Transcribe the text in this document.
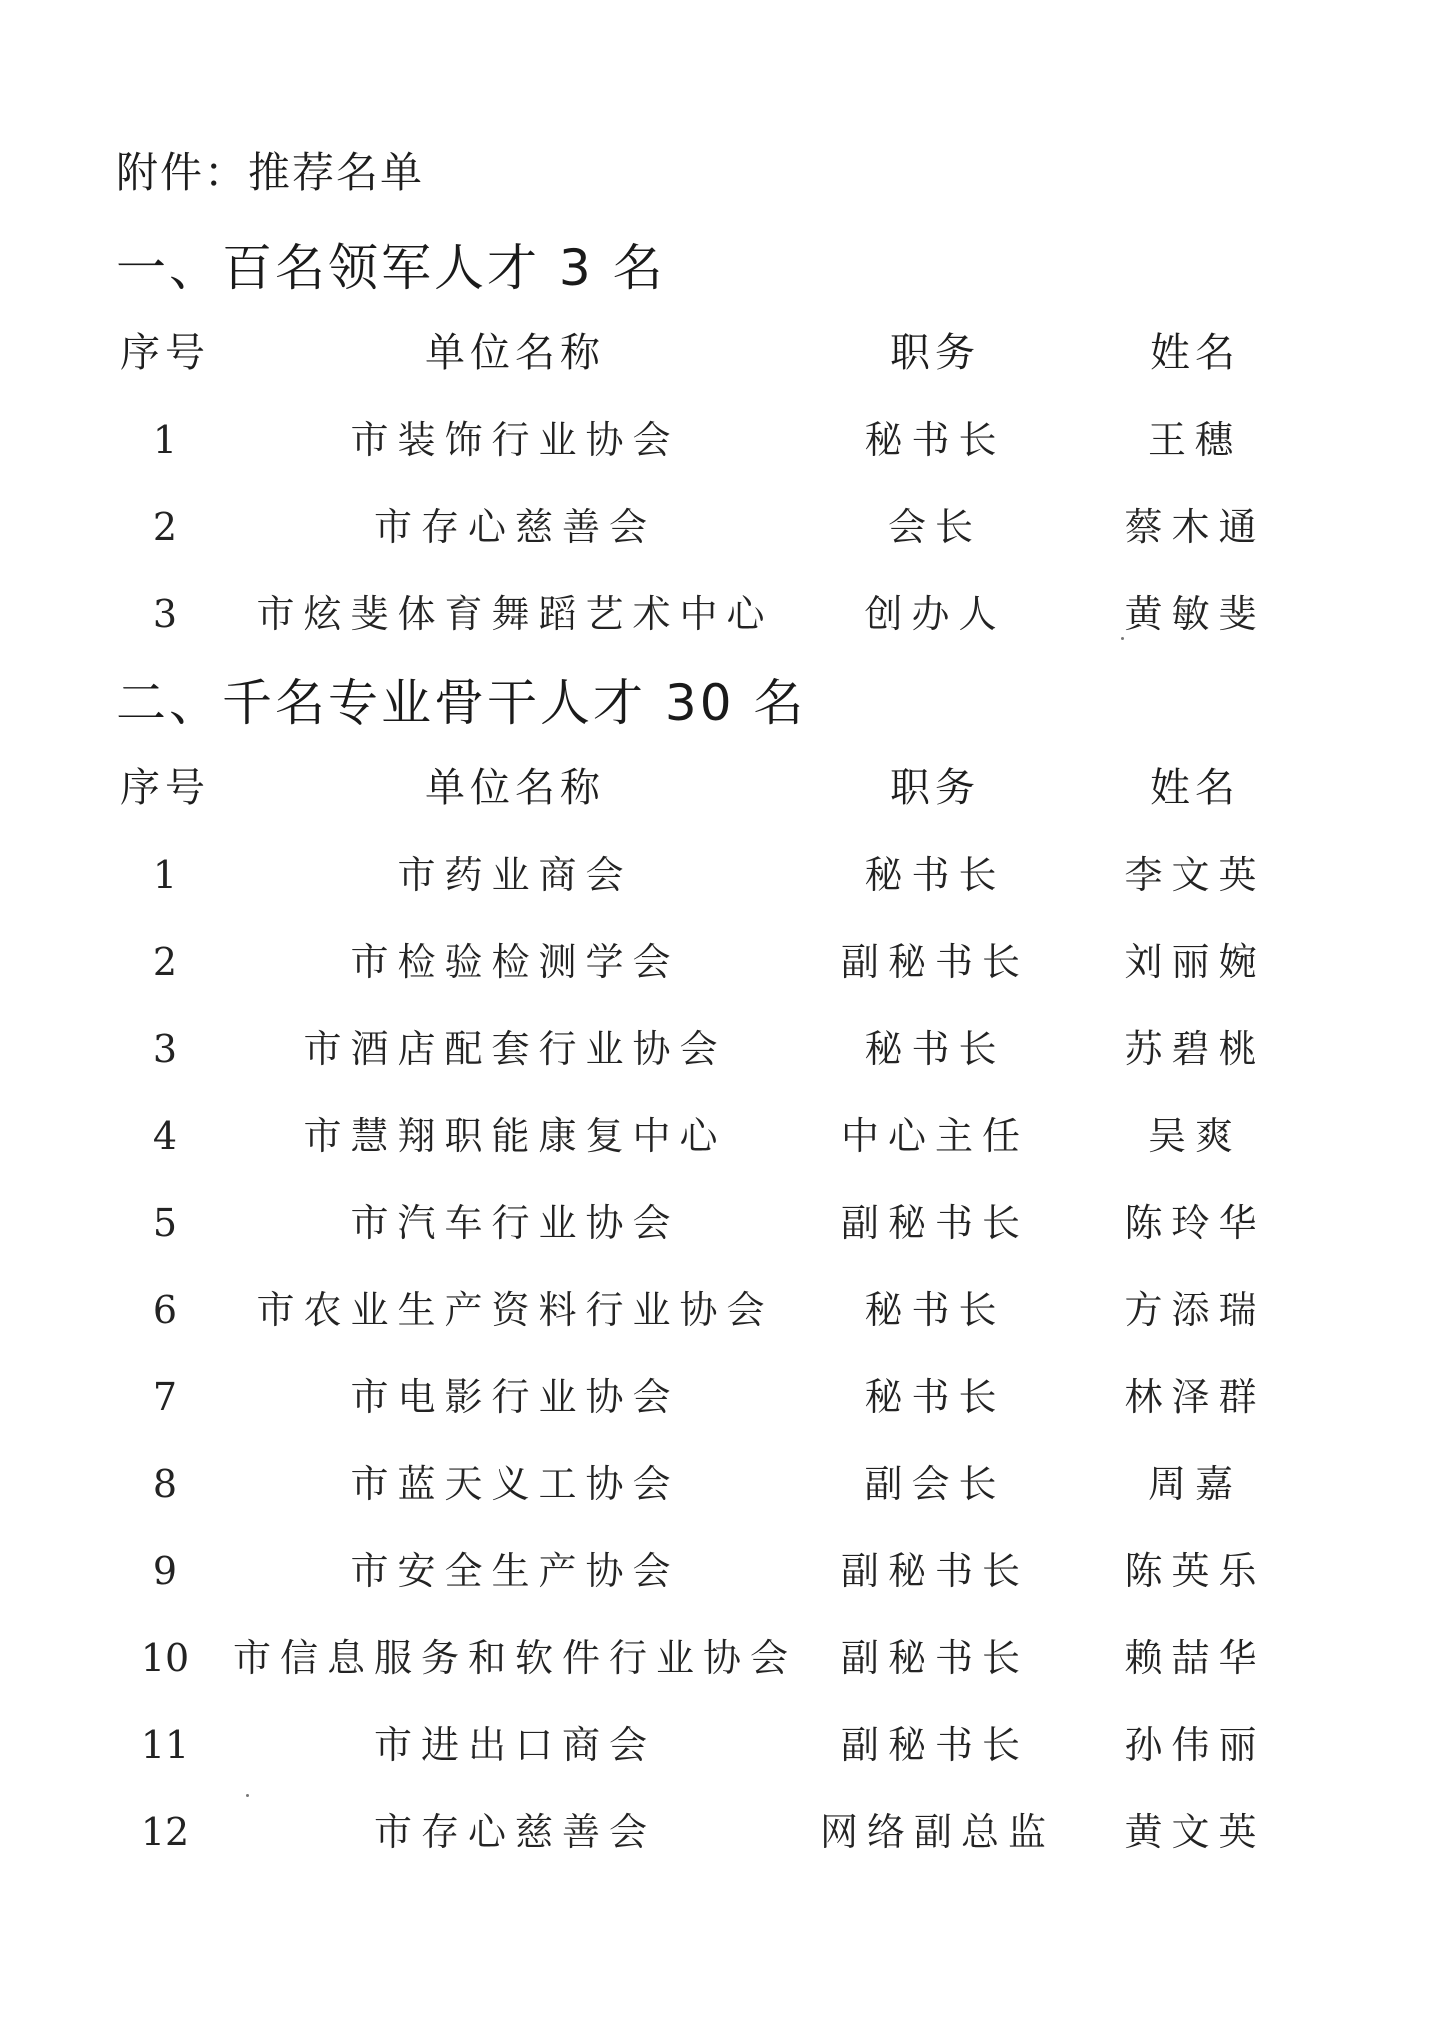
附件：推荐名单
一、百名领军人才 3 名
序号	单位名称	职务	姓名
1	市装饰行业协会	秘书长	王穗
2	市存心慈善会	会长	蔡木通
3	市炫斐体育舞蹈艺术中心	创办人	黄敏斐
二、千名专业骨干人才 30 名
序号	单位名称	职务	姓名
1	市药业商会	秘书长	李文英
2	市检验检测学会	副秘书长	刘丽婉
3	市酒店配套行业协会	秘书长	苏碧桃
4	市慧翔职能康复中心	中心主任	吴爽
5	市汽车行业协会	副秘书长	陈玲华
6	市农业生产资料行业协会	秘书长	方添瑞
7	市电影行业协会	秘书长	林泽群
8	市蓝天义工协会	副会长	周嘉
9	市安全生产协会	副秘书长	陈英乐
10	市信息服务和软件行业协会	副秘书长	赖喆华
11	市进出口商会	副秘书长	孙伟丽
12	市存心慈善会	网络副总监	黄文英
